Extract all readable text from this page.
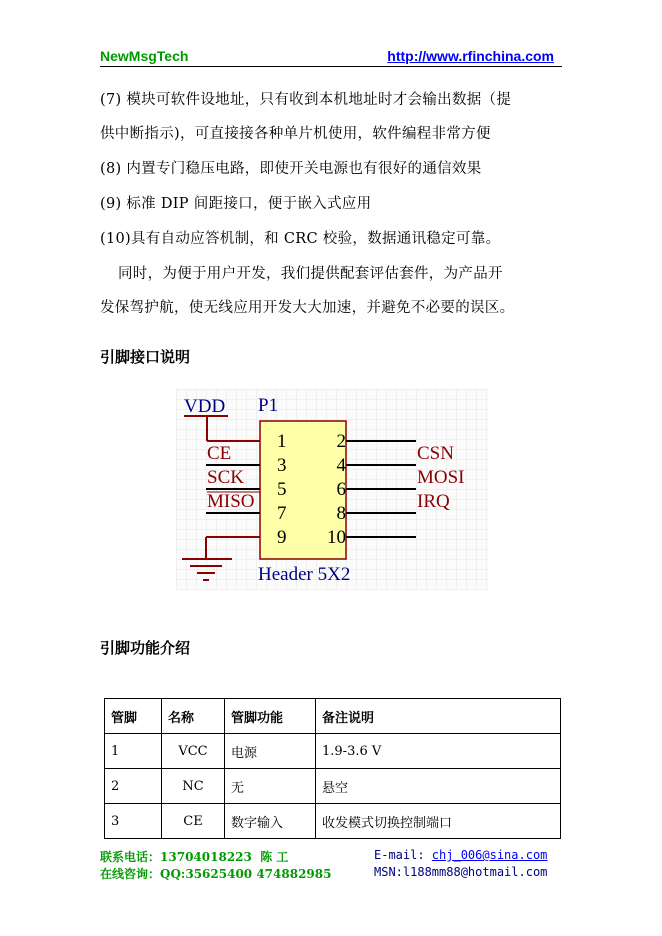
NewMsgTech	http://www.rfinchina.com
(7) 模块可软件设地址，只有收到本机地址时才会输出数据（提
供中断指示)，可直接接各种单片机使用，软件编程非常方便
(8) 内置专门稳压电路，即使开关电源也有很好的通信效果
(9) 标准 DIP 间距接口，便于嵌入式应用
(10)具有自动应答机制，和 CRC 校验，数据通讯稳定可靠。
同时，为便于用户开发，我们提供配套评估套件，为产品开
发保驾护航，使无线应用开发大大加速，并避免不必要的误区。
引脚接口说明
VDD P1
CE
SCK
MISO
CSN
MOSI
IRQ
1
3
5
7
9
2
4
6
8
10
Header 5X2
引脚功能介绍
管脚	名称	管脚功能	备注说明
1	VCC	电源	1.9-3.6 V
2	NC	无	悬空
3	CE	数字输入	收发模式切换控制端口
联系电话：13704018223 陈 工
在线咨询：QQ:35625400 474882985
E-mail: chj_006@sina.com
MSN:l188mm88@hotmail.com
